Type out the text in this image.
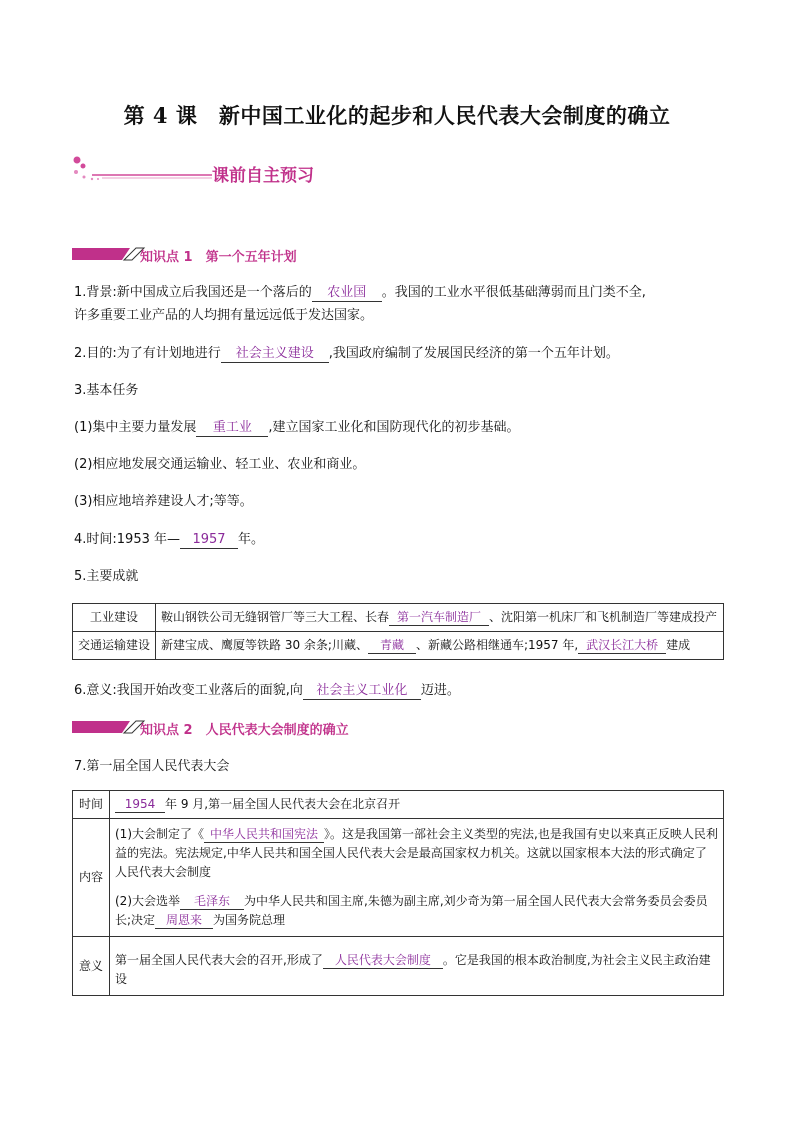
第 4 课　新中国工业化的起步和人民代表大会制度的确立
课前自主预习
知识点 1　第一个五年计划
1.背景:新中国成立后我国还是一个落后的 农业国 。我国的工业水平很低基础薄弱而且门类不全,
许多重要工业产品的人均拥有量远远低于发达国家。
2.目的:为了有计划地进行 社会主义建设 ,我国政府编制了发展国民经济的第一个五年计划。
3.基本任务
(1)集中主要力量发展 重工业 ,建立国家工业化和国防现代化的初步基础。
(2)相应地发展交通运输业、轻工业、农业和商业。
(3)相应地培养建设人才;等等。
4.时间:1953 年— 1957 年。
5.主要成就
工业建设	鞍山钢铁公司无缝钢管厂等三大工程、长春 第一汽车制造厂 、沈阳第一机床厂和飞机制造厂等建成投产
交通运输建设	新建宝成、鹰厦等铁路 30 余条;川藏、 青藏 、新藏公路相继通车;1957 年, 武汉长江大桥 建成
6.意义:我国开始改变工业落后的面貌,向 社会主义工业化 迈进。
知识点 2　人民代表大会制度的确立
7.第一届全国人民代表大会
时间	1954 年 9 月,第一届全国人民代表大会在北京召开
内容	(1)大会制定了《 中华人民共和国宪法 》。这是我国第一部社会主义类型的宪法,也是我国有史以来真正反映人民利益的宪法。宪法规定,中华人民共和国全国人民代表大会是最高国家权力机关。这就以国家根本大法的形式确定了人民代表大会制度
(2)大会选举 毛泽东 为中华人民共和国主席,朱德为副主席,刘少奇为第一届全国人民代表大会常务委员会委员长;决定 周恩来 为国务院总理

意义	第一届全国人民代表大会的召开,形成了 人民代表大会制度 。它是我国的根本政治制度,为社会主义民主政治建设
